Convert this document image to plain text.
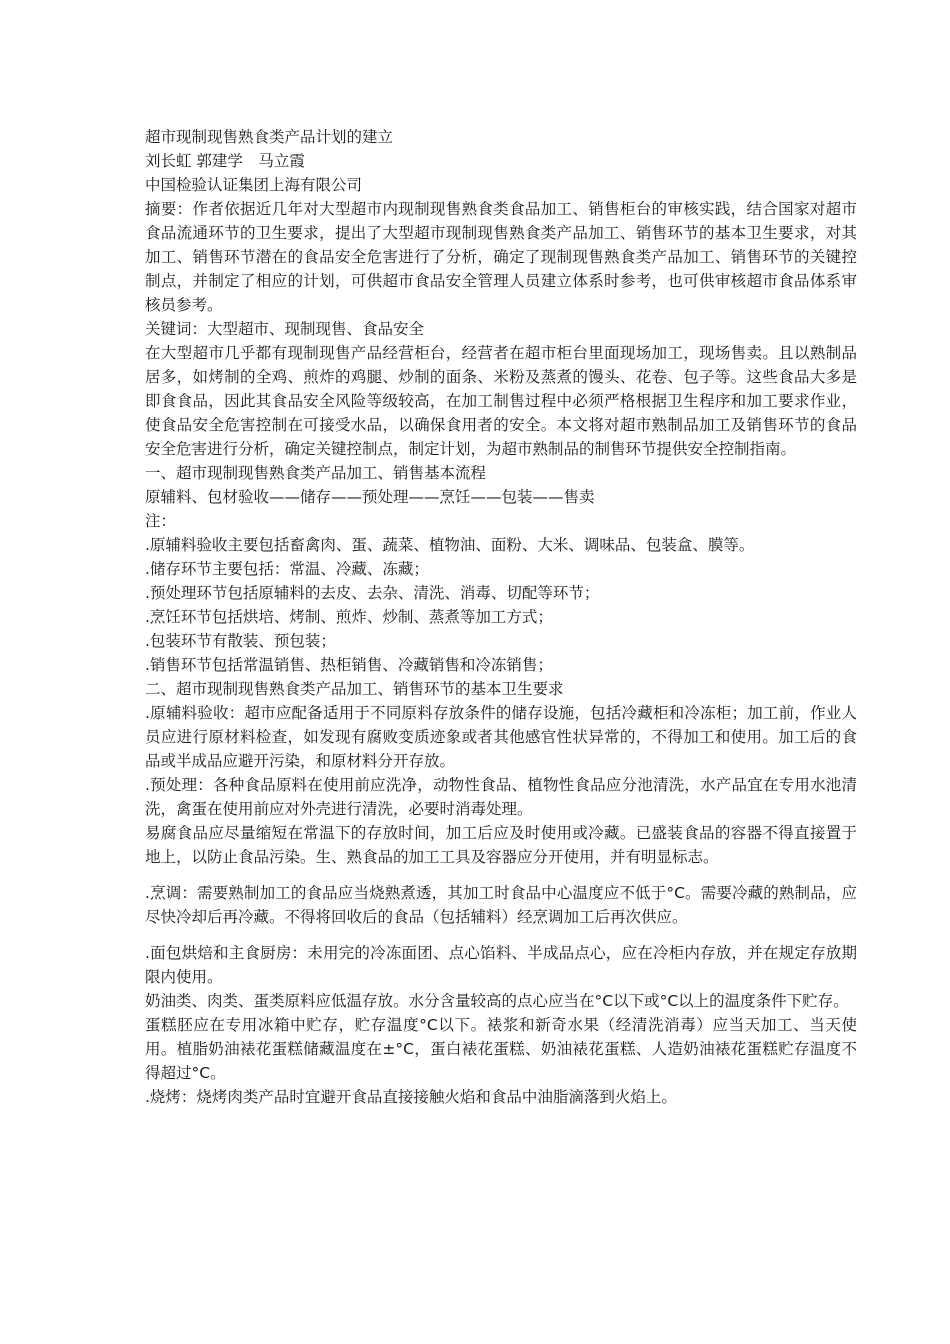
超市现制现售熟食类产品计划的建立

刘长虹 郭建学　马立霞

中国检验认证集团上海有限公司

摘要：作者依据近几年对大型超市内现制现售熟食类食品加工、销售柜台的审核实践，结合国家对超市食品流通环节的卫生要求，提出了大型超市现制现售熟食类产品加工、销售环节的基本卫生要求，对其加工、销售环节潜在的食品安全危害进行了分析，确定了现制现售熟食类产品加工、销售环节的关键控制点，并制定了相应的计划，可供超市食品安全管理人员建立体系时参考，也可供审核超市食品体系审核员参考。

关键词：大型超市、现制现售、食品安全

在大型超市几乎都有现制现售产品经营柜台，经营者在超市柜台里面现场加工，现场售卖。且以熟制品居多，如烤制的全鸡、煎炸的鸡腿、炒制的面条、米粉及蒸煮的馒头、花卷、包子等。这些食品大多是即食食品，因此其食品安全风险等级较高，在加工制售过程中必须严格根据卫生程序和加工要求作业，使食品安全危害控制在可接受水品，以确保食用者的安全。本文将对超市熟制品加工及销售环节的食品安全危害进行分析，确定关键控制点，制定计划，为超市熟制品的制售环节提供安全控制指南。

一、超市现制现售熟食类产品加工、销售基本流程

原辅料、包材验收——储存——预处理——烹饪——包装——售卖

注：

.原辅料验收主要包括畜禽肉、蛋、蔬菜、植物油、面粉、大米、调味品、包装盒、膜等。

.储存环节主要包括：常温、冷藏、冻藏；

.预处理环节包括原辅料的去皮、去杂、清洗、消毒、切配等环节；

.烹饪环节包括烘培、烤制、煎炸、炒制、蒸煮等加工方式；

.包装环节有散装、预包装；

.销售环节包括常温销售、热柜销售、冷藏销售和冷冻销售；

二、超市现制现售熟食类产品加工、销售环节的基本卫生要求

.原辅料验收：超市应配备适用于不同原料存放条件的储存设施，包括冷藏柜和冷冻柜；加工前，作业人员应进行原材料检查，如发现有腐败变质迹象或者其他感官性状异常的，不得加工和使用。加工后的食品或半成品应避开污染，和原材料分开存放。

.预处理：各种食品原料在使用前应洗净，动物性食品、植物性食品应分池清洗，水产品宜在专用水池清洗，禽蛋在使用前应对外壳进行清洗，必要时消毒处理。

易腐食品应尽量缩短在常温下的存放时间，加工后应及时使用或冷藏。已盛装食品的容器不得直接置于地上，以防止食品污染。生、熟食品的加工工具及容器应分开使用，并有明显标志。

.烹调：需要熟制加工的食品应当烧熟煮透，其加工时食品中心温度应不低于°C。需要冷藏的熟制品，应尽快冷却后再冷藏。不得将回收后的食品（包括辅料）经烹调加工后再次供应。

.面包烘焙和主食厨房：未用完的冷冻面团、点心馅料、半成品点心，应在冷柜内存放，并在规定存放期限内使用。

奶油类、肉类、蛋类原料应低温存放。水分含量较高的点心应当在°C以下或°C以上的温度条件下贮存。

蛋糕胚应在专用冰箱中贮存，贮存温度°C以下。裱浆和新奇水果（经清洗消毒）应当天加工、当天使用。植脂奶油裱花蛋糕储藏温度在±°C，蛋白裱花蛋糕、奶油裱花蛋糕、人造奶油裱花蛋糕贮存温度不得超过°C。

.烧烤：烧烤肉类产品时宜避开食品直接接触火焰和食品中油脂滴落到火焰上。
